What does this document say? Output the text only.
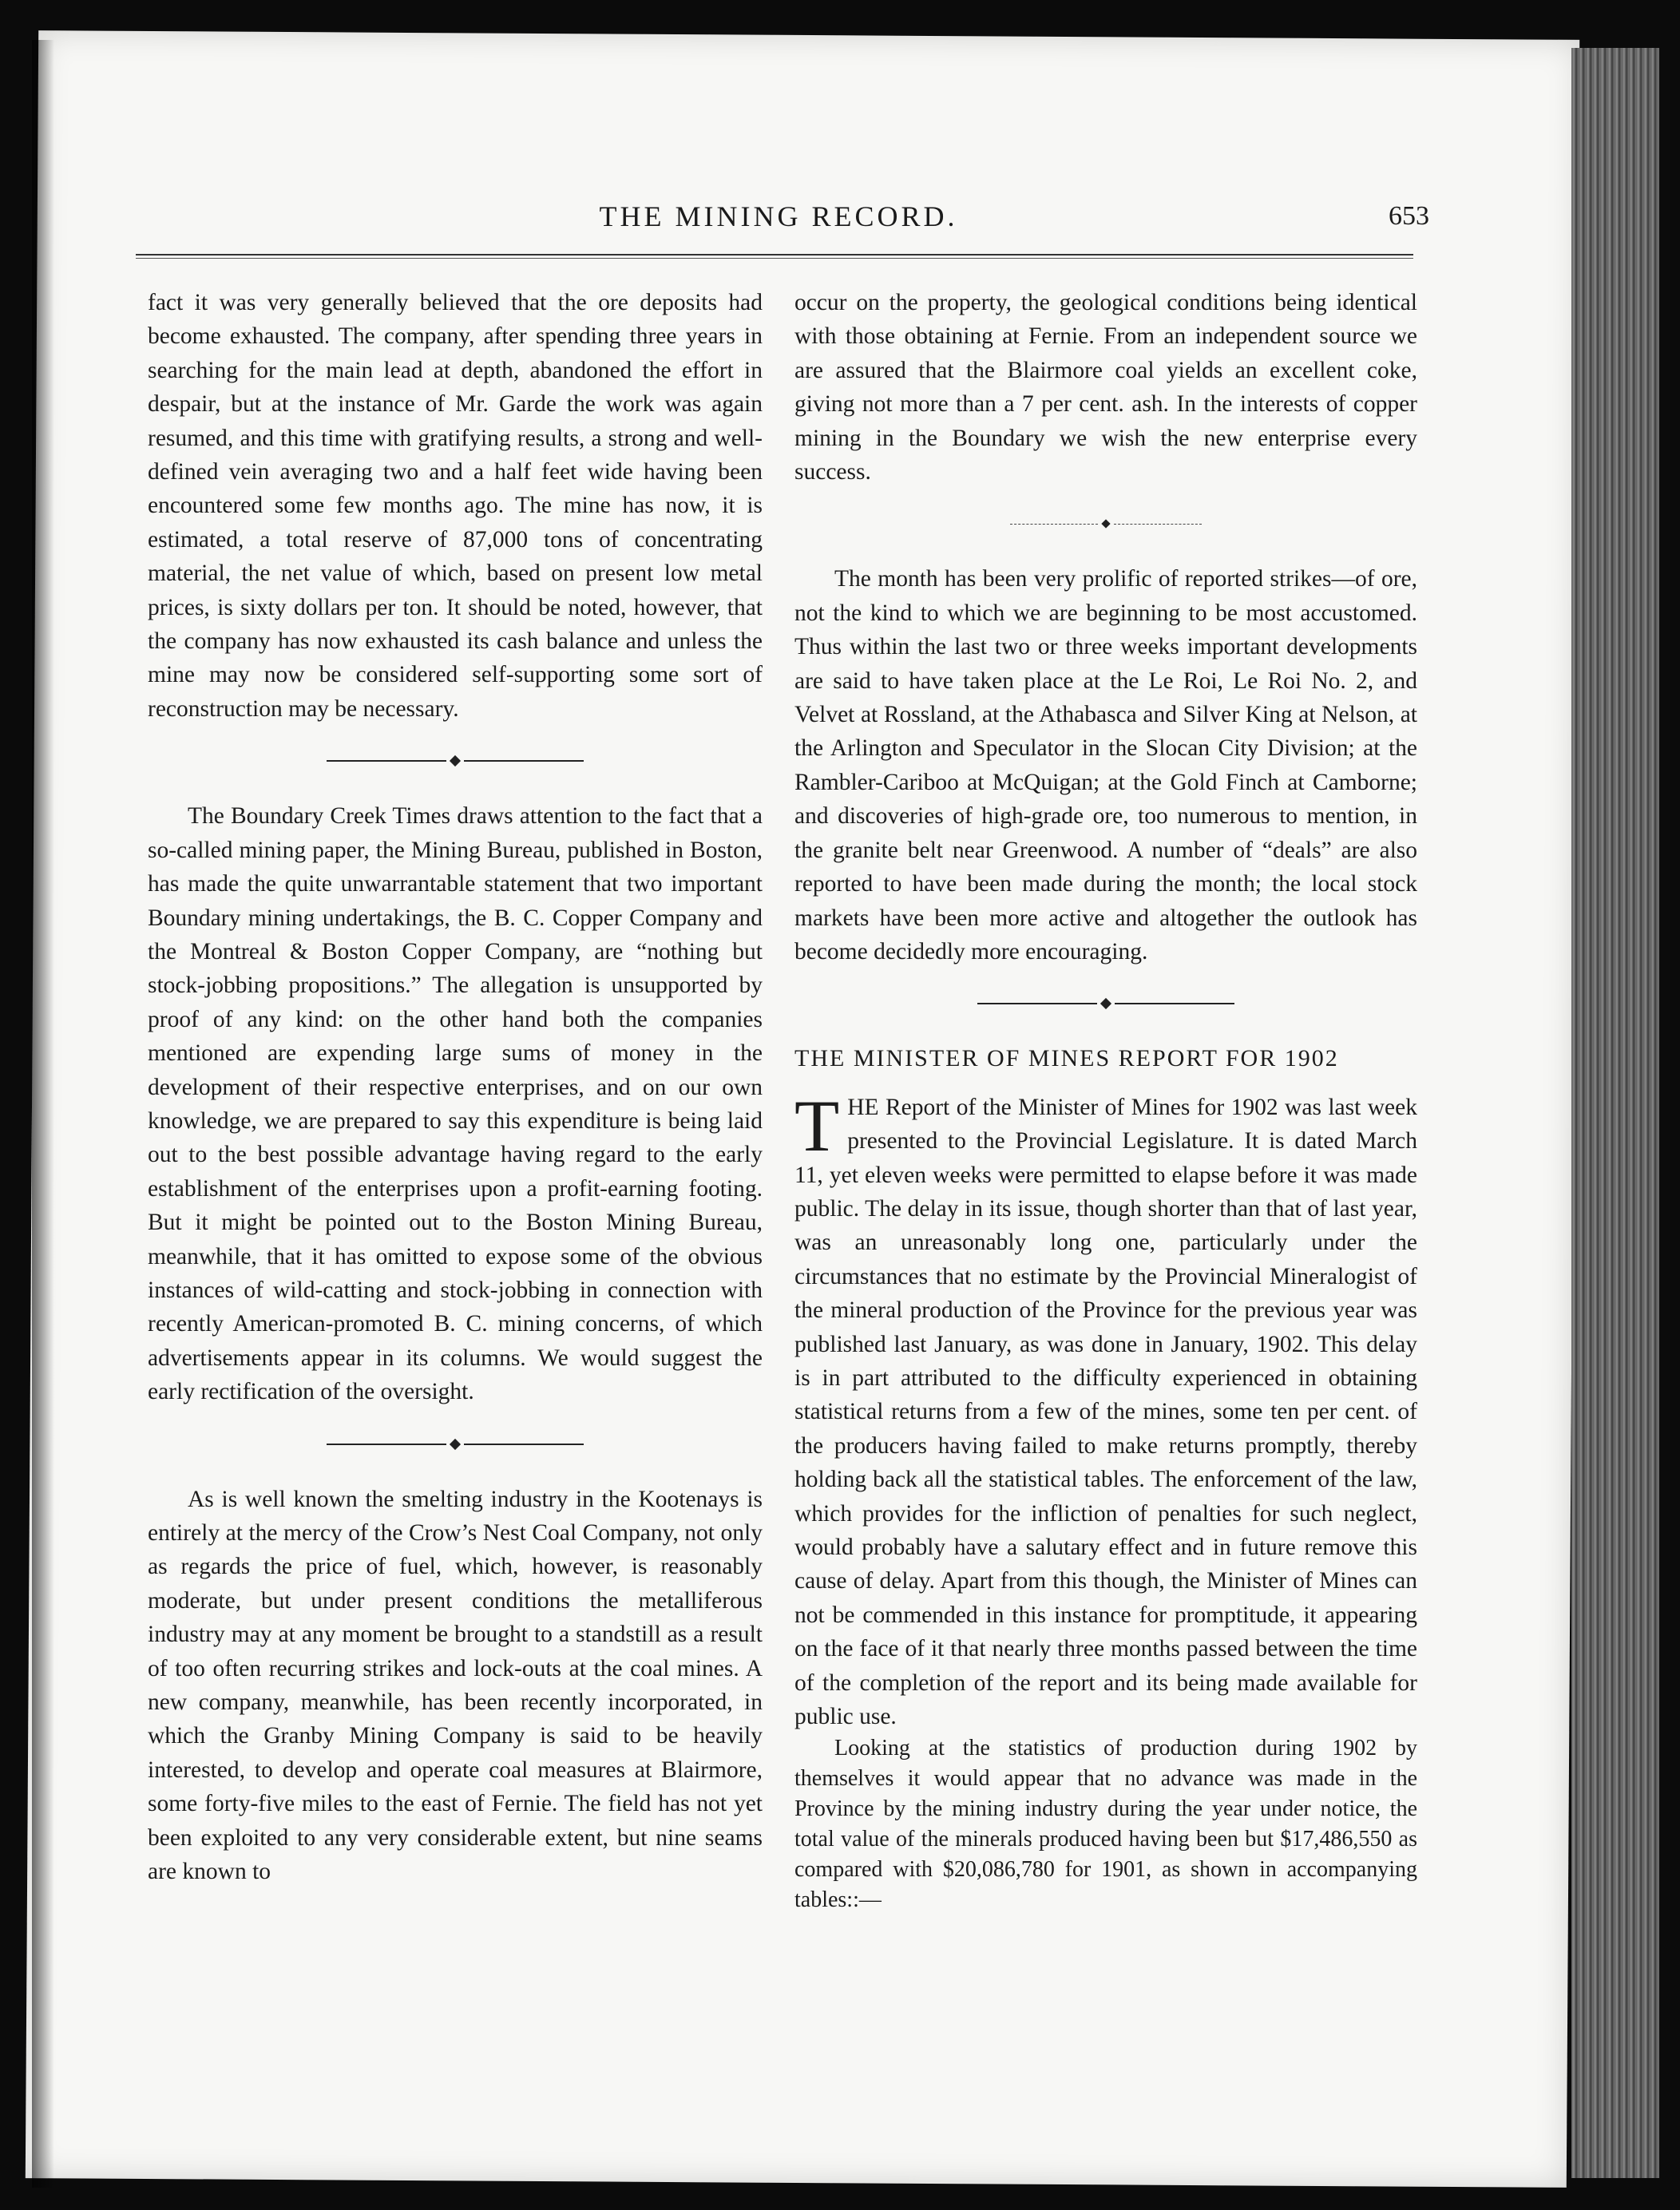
THE MINING RECORD.	653

fact it was very generally believed that the ore deposits had become exhausted. The company, after spending three years in searching for the main lead at depth, abandoned the effort in despair, but at the instance of Mr. Garde the work was again resumed, and this time with gratifying results, a strong and well-defined vein averaging two and a half feet wide having been encountered some few months ago. The mine has now, it is estimated, a total reserve of 87,000 tons of concentrating material, the net value of which, based on present low metal prices, is sixty dollars per ton. It should be noted, however, that the company has now exhausted its cash balance and unless the mine may now be considered self-supporting some sort of reconstruction may be necessary.

The Boundary Creek Times draws attention to the fact that a so-called mining paper, the Mining Bureau, published in Boston, has made the quite unwarrantable statement that two important Boundary mining undertakings, the B. C. Copper Company and the Montreal & Boston Copper Company, are “nothing but stock-jobbing propositions.” The allegation is unsupported by proof of any kind: on the other hand both the companies mentioned are expending large sums of money in the development of their respective enterprises, and on our own knowledge, we are prepared to say this expenditure is being laid out to the best possible advantage having regard to the early establishment of the enterprises upon a profit-earning footing. But it might be pointed out to the Boston Mining Bureau, meanwhile, that it has omitted to expose some of the obvious instances of wild-catting and stock-jobbing in connection with recently American-promoted B. C. mining concerns, of which advertisements appear in its columns. We would suggest the early rectification of the oversight.

As is well known the smelting industry in the Kootenays is entirely at the mercy of the Crow’s Nest Coal Company, not only as regards the price of fuel, which, however, is reasonably moderate, but under present conditions the metalliferous industry may at any moment be brought to a standstill as a result of too often recurring strikes and lock-outs at the coal mines. A new company, meanwhile, has been recently incorporated, in which the Granby Mining Company is said to be heavily interested, to develop and operate coal measures at Blairmore, some forty-five miles to the east of Fernie. The field has not yet been exploited to any very considerable extent, but nine seams are known to

occur on the property, the geological conditions being identical with those obtaining at Fernie. From an independent source we are assured that the Blairmore coal yields an excellent coke, giving not more than a 7 per cent. ash. In the interests of copper mining in the Boundary we wish the new enterprise every success.

The month has been very prolific of reported strikes—of ore, not the kind to which we are beginning to be most accustomed. Thus within the last two or three weeks important developments are said to have taken place at the Le Roi, Le Roi No. 2, and Velvet at Rossland, at the Athabasca and Silver King at Nelson, at the Arlington and Speculator in the Slocan City Division; at the Rambler-Cariboo at McQuigan; at the Gold Finch at Camborne; and discoveries of high-grade ore, too numerous to mention, in the granite belt near Greenwood. A number of “deals” are also reported to have been made during the month; the local stock markets have been more active and altogether the outlook has become decidedly more encouraging.

THE MINISTER OF MINES REPORT FOR 1902

THE Report of the Minister of Mines for 1902 was last week presented to the Provincial Legislature. It is dated March 11, yet eleven weeks were permitted to elapse before it was made public. The delay in its issue, though shorter than that of last year, was an unreasonably long one, particularly under the circumstances that no estimate by the Provincial Mineralogist of the mineral production of the Province for the previous year was published last January, as was done in January, 1902. This delay is in part attributed to the difficulty experienced in obtaining statistical returns from a few of the mines, some ten per cent. of the producers having failed to make returns promptly, thereby holding back all the statistical tables. The enforcement of the law, which provides for the infliction of penalties for such neglect, would probably have a salutary effect and in future remove this cause of delay. Apart from this though, the Minister of Mines can not be commended in this instance for promptitude, it appearing on the face of it that nearly three months passed between the time of the completion of the report and its being made available for public use.

Looking at the statistics of production during 1902 by themselves it would appear that no advance was made in the Province by the mining industry during the year under notice, the total value of the minerals produced having been but $17,486,550 as compared with $20,086,780 for 1901, as shown in accompanying tables::—
